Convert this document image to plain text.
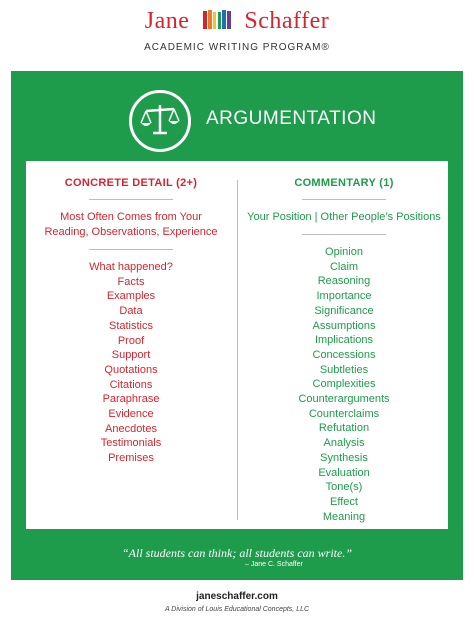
Jane Schaffer
ACADEMIC WRITING PROGRAM®
ARGUMENTATION
CONCRETE DETAIL (2+)
Most Often Comes from Your
Reading, Observations, Experience
What happened?
Facts
Examples
Data
Statistics
Proof
Support
Quotations
Citations
Paraphrase
Evidence
Anecdotes
Testimonials
Premises
COMMENTARY (1)
Your Position | Other People’s Positions
Opinion
Claim
Reasoning
Importance
Significance
Assumptions
Implications
Concessions
Subtleties
Complexities
Counterarguments
Counterclaims
Refutation
Analysis
Synthesis
Evaluation
Tone(s)
Effect
Meaning
“All students can think; all students can write.”
– Jane C. Schaffer
janeschaffer.com
A Division of Louis Educational Concepts, LLC
